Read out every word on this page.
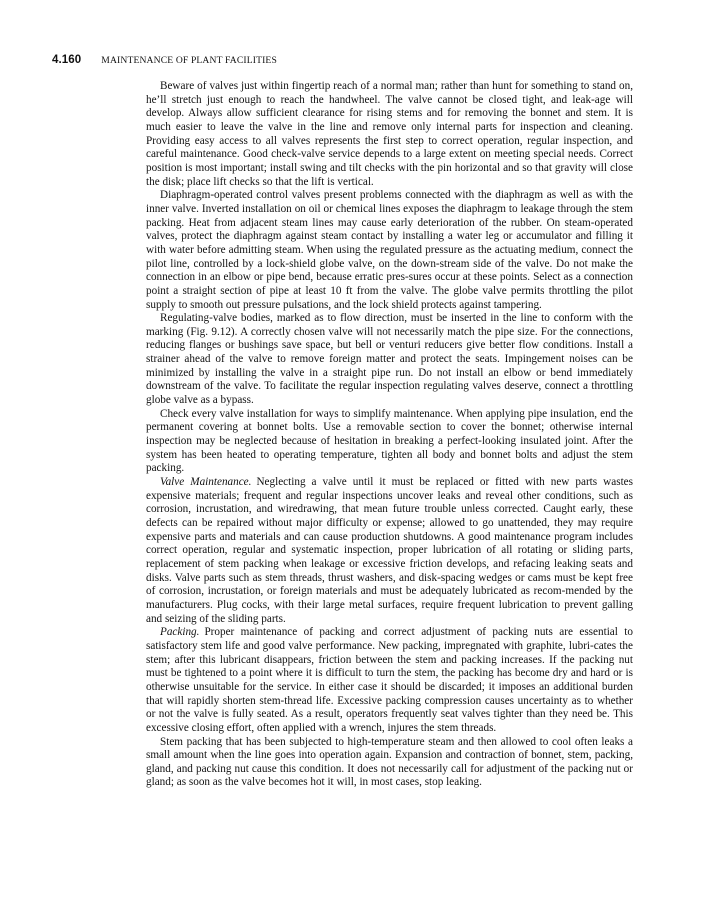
4.160 MAINTENANCE OF PLANT FACILITIES

Beware of valves just within fingertip reach of a normal man; rather than hunt for something to stand on, he’ll stretch just enough to reach the handwheel. The valve cannot be closed tight, and leak-age will develop. Always allow sufficient clearance for rising stems and for removing the bonnet and stem. It is much easier to leave the valve in the line and remove only internal parts for inspection and cleaning. Providing easy access to all valves represents the first step to correct operation, regular inspection, and careful maintenance. Good check-valve service depends to a large extent on meeting special needs. Correct position is most important; install swing and tilt checks with the pin horizontal and so that gravity will close the disk; place lift checks so that the lift is vertical.

Diaphragm-operated control valves present problems connected with the diaphragm as well as with the inner valve. Inverted installation on oil or chemical lines exposes the diaphragm to leakage through the stem packing. Heat from adjacent steam lines may cause early deterioration of the rubber. On steam-operated valves, protect the diaphragm against steam contact by installing a water leg or accumulator and filling it with water before admitting steam. When using the regulated pressure as the actuating medium, connect the pilot line, controlled by a lock-shield globe valve, on the down-stream side of the valve. Do not make the connection in an elbow or pipe bend, because erratic pres-sures occur at these points. Select as a connection point a straight section of pipe at least 10 ft from the valve. The globe valve permits throttling the pilot supply to smooth out pressure pulsations, and the lock shield protects against tampering.

Regulating-valve bodies, marked as to flow direction, must be inserted in the line to conform with the marking (Fig. 9.12). A correctly chosen valve will not necessarily match the pipe size. For the connections, reducing flanges or bushings save space, but bell or venturi reducers give better flow conditions. Install a strainer ahead of the valve to remove foreign matter and protect the seats. Impingement noises can be minimized by installing the valve in a straight pipe run. Do not install an elbow or bend immediately downstream of the valve. To facilitate the regular inspection regulating valves deserve, connect a throttling globe valve as a bypass.

Check every valve installation for ways to simplify maintenance. When applying pipe insulation, end the permanent covering at bonnet bolts. Use a removable section to cover the bonnet; otherwise internal inspection may be neglected because of hesitation in breaking a perfect-looking insulated joint. After the system has been heated to operating temperature, tighten all body and bonnet bolts and adjust the stem packing.

Valve Maintenance. Neglecting a valve until it must be replaced or fitted with new parts wastes expensive materials; frequent and regular inspections uncover leaks and reveal other conditions, such as corrosion, incrustation, and wiredrawing, that mean future trouble unless corrected. Caught early, these defects can be repaired without major difficulty or expense; allowed to go unattended, they may require expensive parts and materials and can cause production shutdowns. A good maintenance program includes correct operation, regular and systematic inspection, proper lubrication of all rotating or sliding parts, replacement of stem packing when leakage or excessive friction develops, and refacing leaking seats and disks. Valve parts such as stem threads, thrust washers, and disk-spacing wedges or cams must be kept free of corrosion, incrustation, or foreign materials and must be adequately lubricated as recom-mended by the manufacturers. Plug cocks, with their large metal surfaces, require frequent lubrication to prevent galling and seizing of the sliding parts.

Packing. Proper maintenance of packing and correct adjustment of packing nuts are essential to satisfactory stem life and good valve performance. New packing, impregnated with graphite, lubri-cates the stem; after this lubricant disappears, friction between the stem and packing increases. If the packing nut must be tightened to a point where it is difficult to turn the stem, the packing has become dry and hard or is otherwise unsuitable for the service. In either case it should be discarded; it imposes an additional burden that will rapidly shorten stem-thread life. Excessive packing compression causes uncertainty as to whether or not the valve is fully seated. As a result, operators frequently seat valves tighter than they need be. This excessive closing effort, often applied with a wrench, injures the stem threads.

Stem packing that has been subjected to high-temperature steam and then allowed to cool often leaks a small amount when the line goes into operation again. Expansion and contraction of bonnet, stem, packing, gland, and packing nut cause this condition. It does not necessarily call for adjustment of the packing nut or gland; as soon as the valve becomes hot it will, in most cases, stop leaking.
